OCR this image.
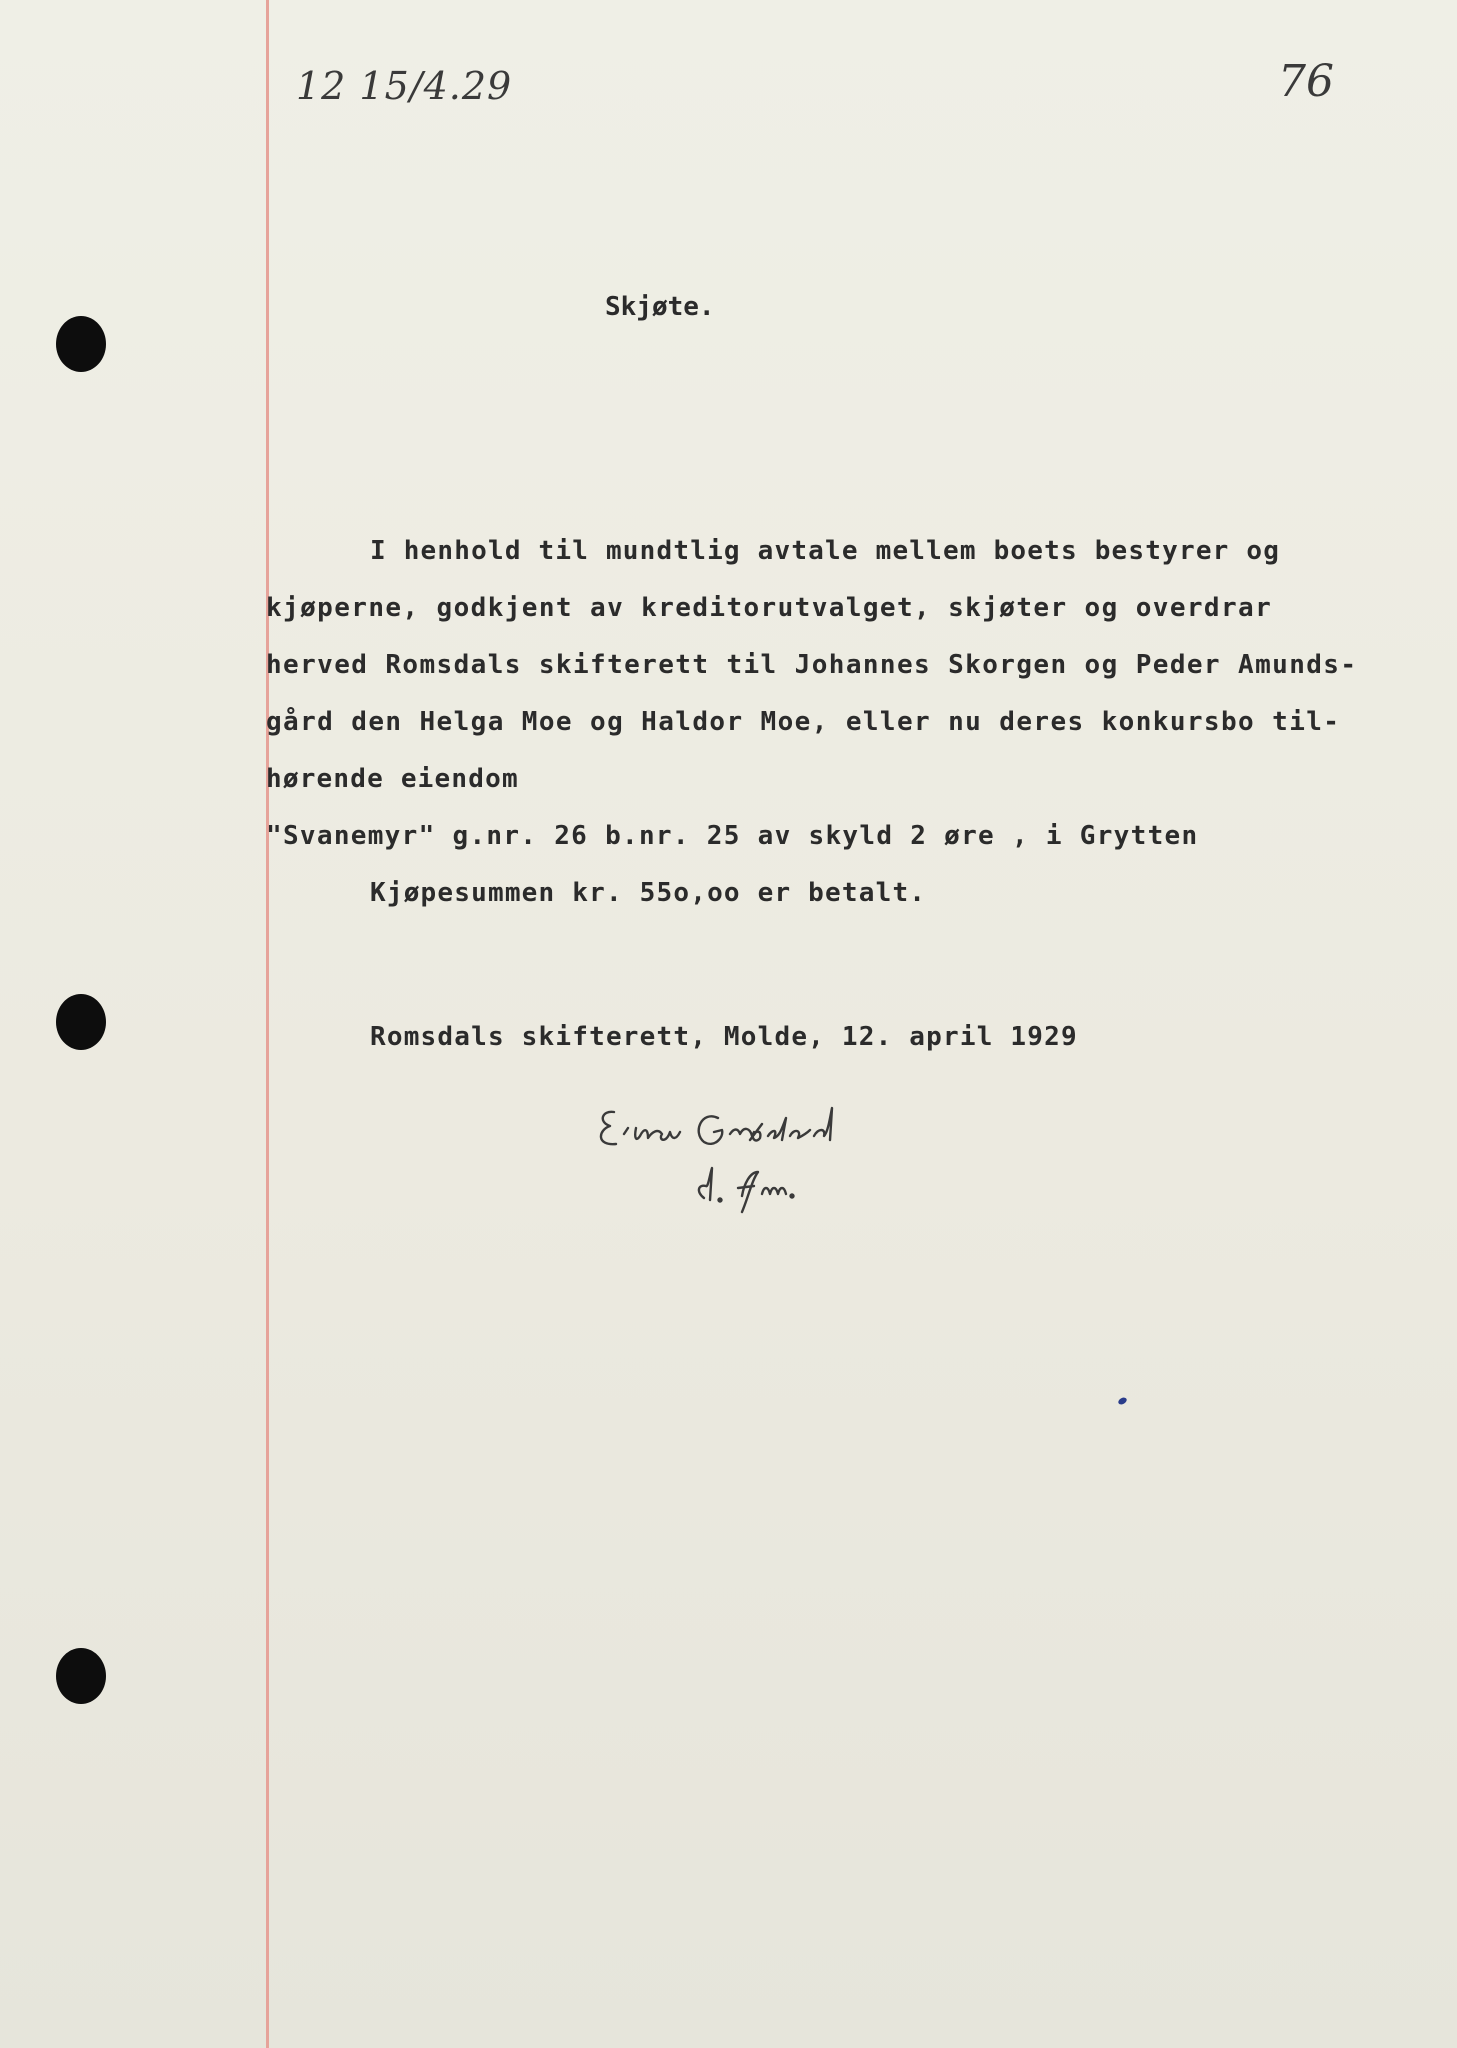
12 15/4.29	76
Skjøte.
I henhold til mundtlig avtale mellem boets bestyrer og
kjøperne, godkjent av kreditorutvalget, skjøter og overdrar
herved Romsdals skifterett til Johannes Skorgen og Peder Amunds-
gård den Helga Moe og Haldor Moe, eller nu deres konkursbo til-
hørende eiendom
"Svanemyr" g.nr. 26 b.nr. 25 av skyld 2 øre , i Grytten
Kjøpesummen kr. 55o,oo er betalt.
Romsdals skifterett, Molde, 12. april 1929
